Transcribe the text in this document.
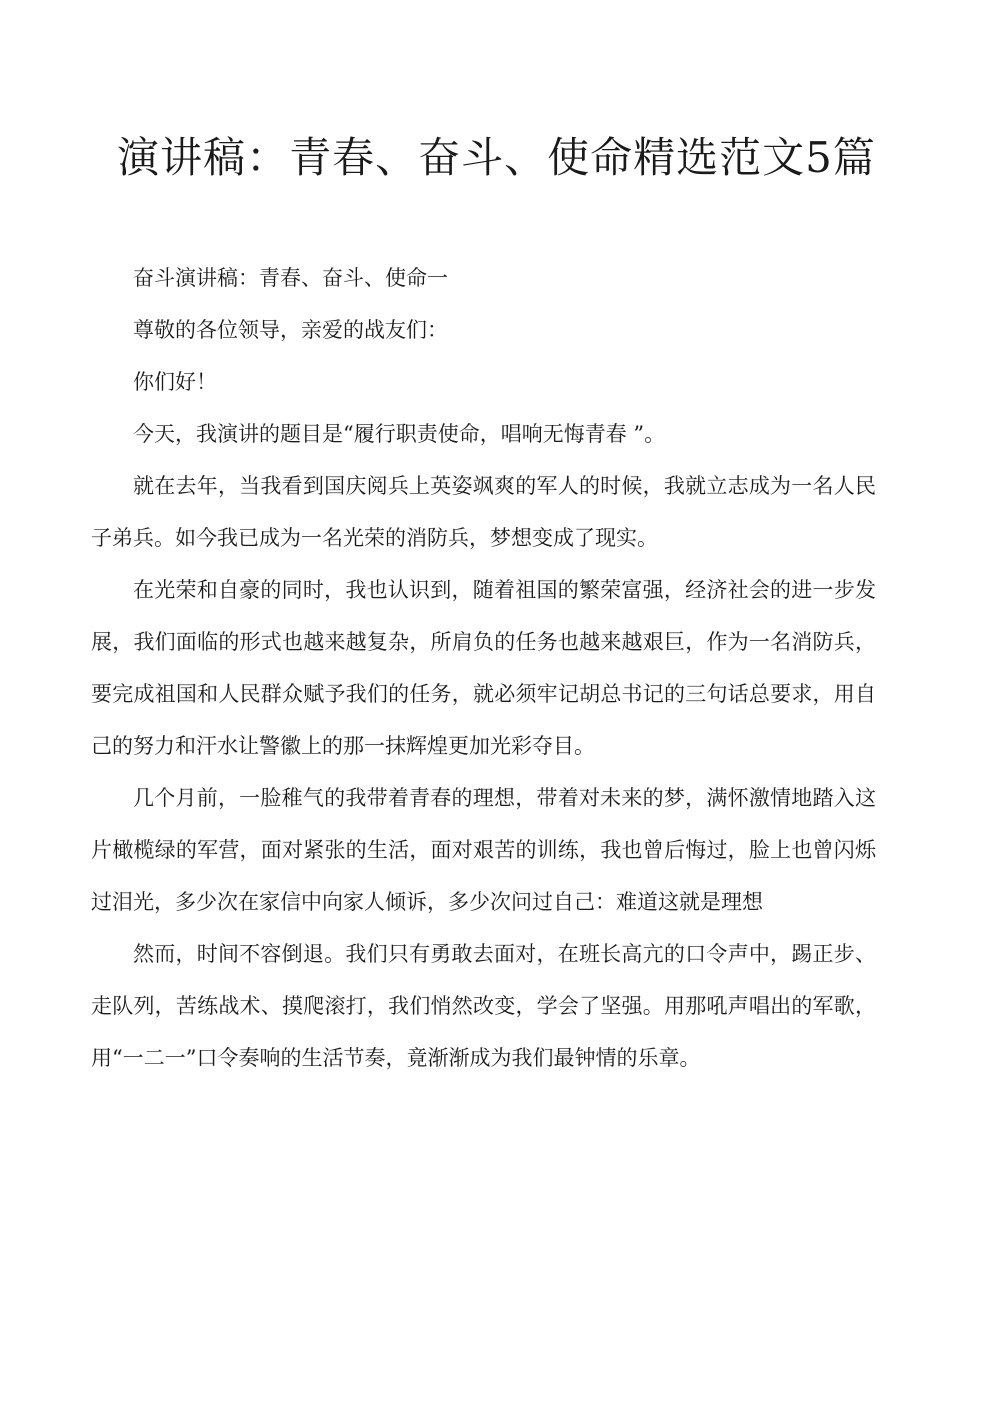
演讲稿：青春、奋斗、使命精选范文5篇

奋斗演讲稿：青春、奋斗、使命一

尊敬的各位领导，亲爱的战友们：

你们好！

今天，我演讲的题目是“履行职责使命，唱响无悔青春 ”。

就在去年，当我看到国庆阅兵上英姿飒爽的军人的时候，我就立志成为一名人民子弟兵。如今我已成为一名光荣的消防兵，梦想变成了现实。

在光荣和自豪的同时，我也认识到，随着祖国的繁荣富强，经济社会的进一步发展，我们面临的形式也越来越复杂，所肩负的任务也越来越艰巨，作为一名消防兵，要完成祖国和人民群众赋予我们的任务，就必须牢记胡总书记的三句话总要求，用自己的努力和汗水让警徽上的那一抹辉煌更加光彩夺目。

几个月前，一脸稚气的我带着青春的理想，带着对未来的梦，满怀激情地踏入这片橄榄绿的军营，面对紧张的生活，面对艰苦的训练，我也曾后悔过，脸上也曾闪烁过泪光，多少次在家信中向家人倾诉，多少次问过自己：难道这就是理想

然而，时间不容倒退。我们只有勇敢去面对，在班长高亢的口令声中，踢正步、走队列，苦练战术、摸爬滚打，我们悄然改变，学会了坚强。用那吼声唱出的军歌，用“一二一”口令奏响的生活节奏，竟渐渐成为我们最钟情的乐章。
